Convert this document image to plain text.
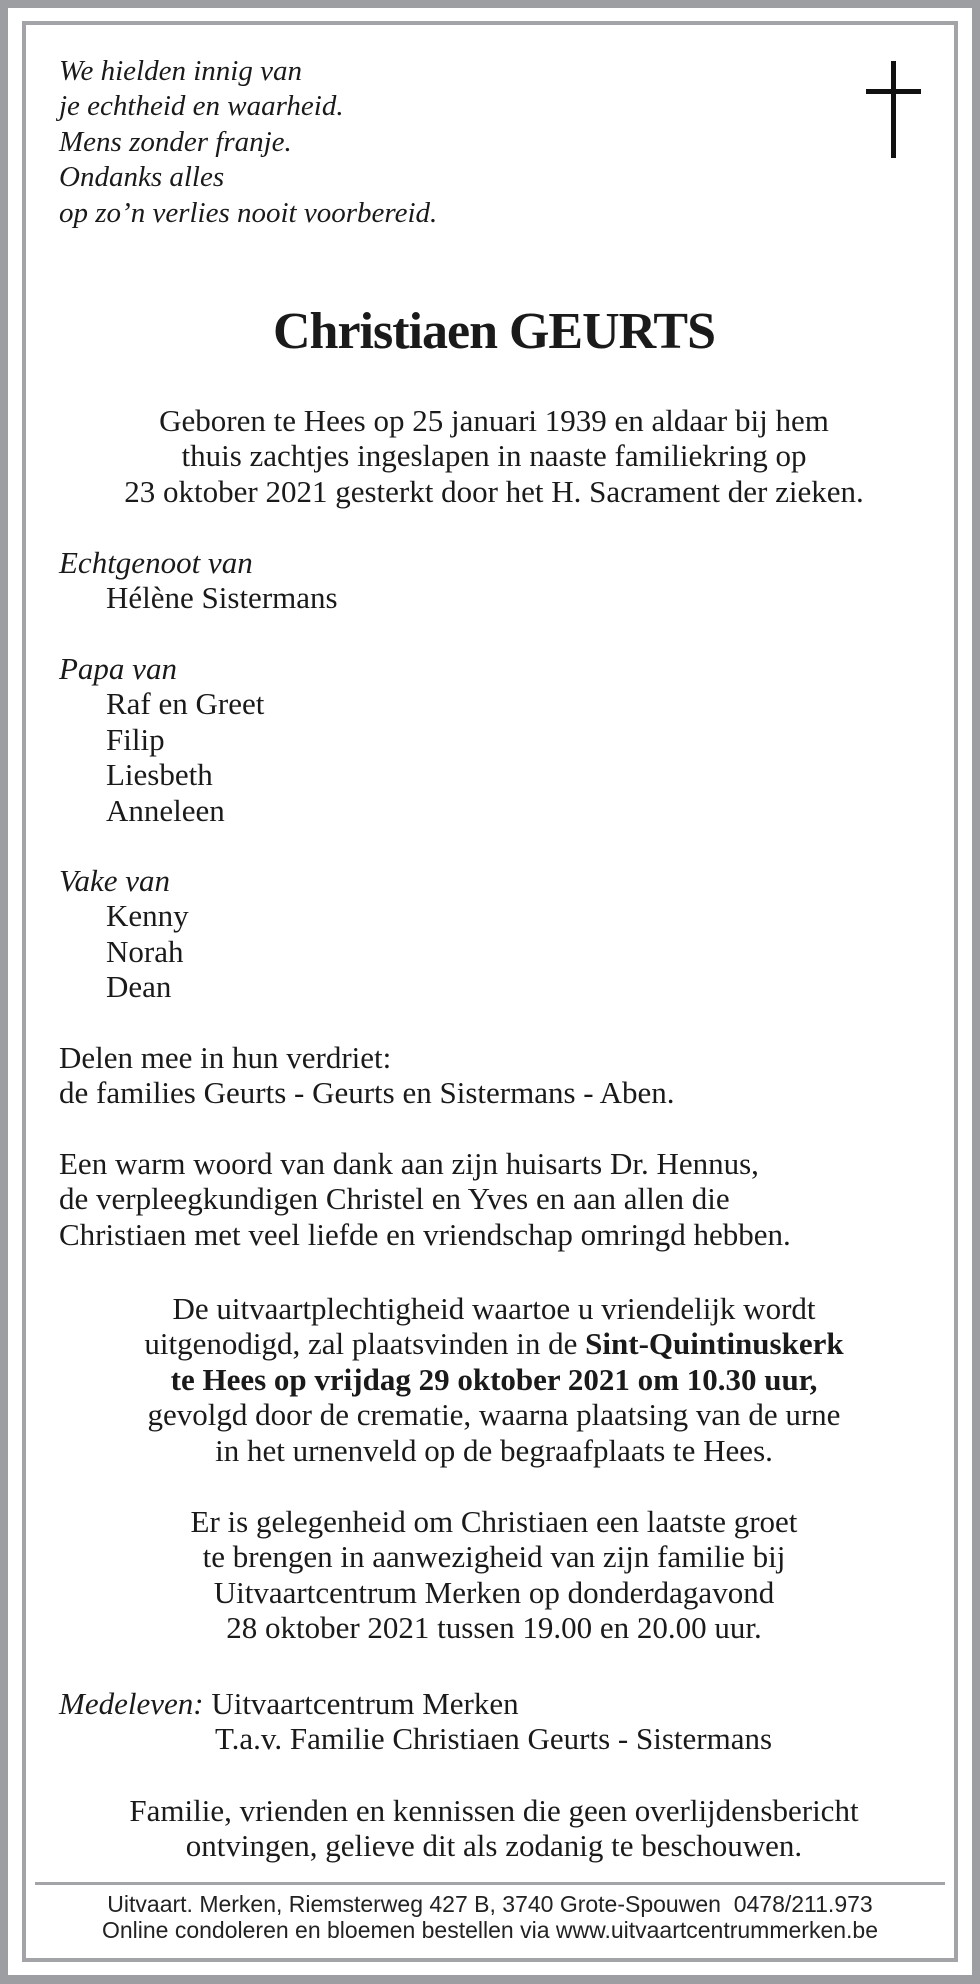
We hielden innig van
je echtheid en waarheid.
Mens zonder franje.
Ondanks alles
op zo’n verlies nooit voorbereid.
Christiaen GEURTS
Geboren te Hees op 25 januari 1939 en aldaar bij hem
thuis zachtjes ingeslapen in naaste familiekring op
23 oktober 2021 gesterkt door het H. Sacrament der zieken.
Echtgenoot van
Hélène Sistermans
Papa van
Raf en Greet
Filip
Liesbeth
Anneleen
Vake van
Kenny
Norah
Dean
Delen mee in hun verdriet:
de families Geurts - Geurts en Sistermans - Aben.
Een warm woord van dank aan zijn huisarts Dr. Hennus,
de verpleegkundigen Christel en Yves en aan allen die
Christiaen met veel liefde en vriendschap omringd hebben.
De uitvaartplechtigheid waartoe u vriendelijk wordt
uitgenodigd, zal plaatsvinden in de Sint-Quintinuskerk
te Hees op vrijdag 29 oktober 2021 om 10.30 uur,
gevolgd door de crematie, waarna plaatsing van de urne
in het urnenveld op de begraafplaats te Hees.
Er is gelegenheid om Christiaen een laatste groet
te brengen in aanwezigheid van zijn familie bij
Uitvaartcentrum Merken op donderdagavond
28 oktober 2021 tussen 19.00 en 20.00 uur.
Medeleven: Uitvaartcentrum Merken
T.a.v. Familie Christiaen Geurts - Sistermans
Familie, vrienden en kennissen die geen overlijdensbericht
ontvingen, gelieve dit als zodanig te beschouwen.
Uitvaart. Merken, Riemsterweg 427 B, 3740 Grote-Spouwen  0478/211.973
Online condoleren en bloemen bestellen via www.uitvaartcentrummerken.be
